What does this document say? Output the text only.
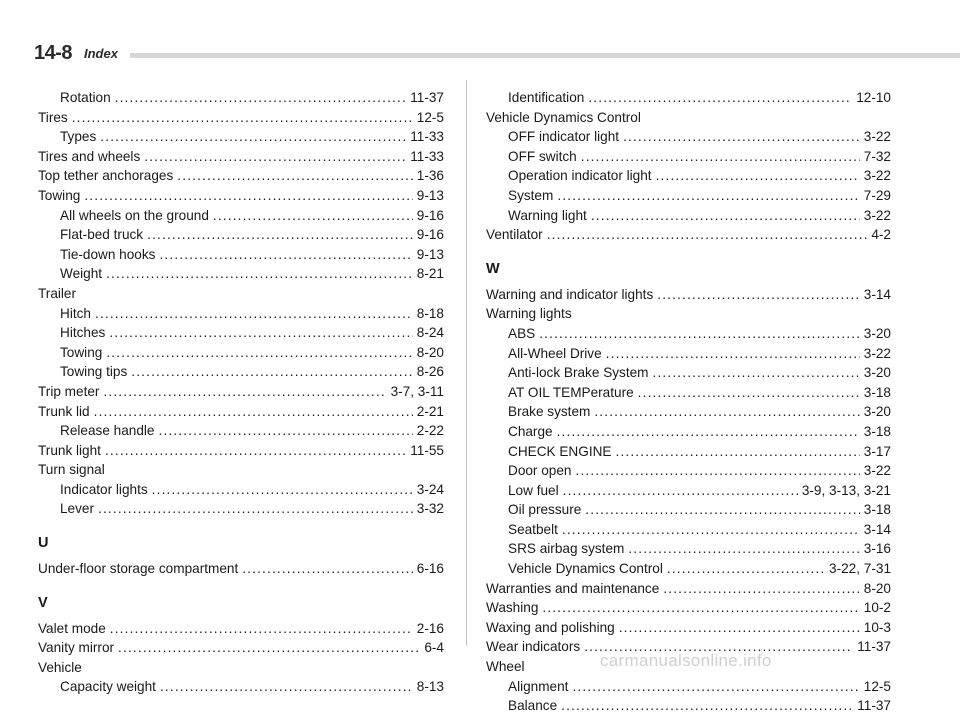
14-8 Index
Rotation . . .	11-37
Tires . . .	12-5
Types . . .	11-33
Tires and wheels . . .	11-33
Top tether anchorages . . .	1-36
Towing . . .	9-13
All wheels on the ground . . .	9-16
Flat-bed truck . . .	9-16
Tie-down hooks . . .	9-13
Weight . . .	8-21
Trailer
Hitch . . .	8-18
Hitches . . .	8-24
Towing . . .	8-20
Towing tips . . .	8-26
Trip meter . . .	3-7, 3-11
Trunk lid . . .	2-21
Release handle . . .	2-22
Trunk light . . .	11-55
Turn signal
Indicator lights . . .	3-24
Lever . . .	3-32
U
Under-floor storage compartment . . .	6-16
V
Valet mode . . .	2-16
Vanity mirror . . .	6-4
Vehicle
Capacity weight . . .	8-13
Identification . . .	12-10
Vehicle Dynamics Control
OFF indicator light . . .	3-22
OFF switch . . .	7-32
Operation indicator light . . .	3-22
System . . .	7-29
Warning light . . .	3-22
Ventilator . . .	4-2
W
Warning and indicator lights . . .	3-14
Warning lights
ABS . . .	3-20
All-Wheel Drive . . .	3-22
Anti-lock Brake System . . .	3-20
AT OIL TEMPerature . . .	3-18
Brake system . . .	3-20
Charge . . .	3-18
CHECK ENGINE . . .	3-17
Door open . . .	3-22
Low fuel . . .	3-9, 3-13, 3-21
Oil pressure . . .	3-18
Seatbelt . . .	3-14
SRS airbag system . . .	3-16
Vehicle Dynamics Control . . .	3-22, 7-31
Warranties and maintenance . . .	8-20
Washing . . .	10-2
Waxing and polishing . . .	10-3
Wear indicators . . .	11-37
Wheel
Alignment . . .	12-5
Balance . . .	11-37
carmanualsonline.info
